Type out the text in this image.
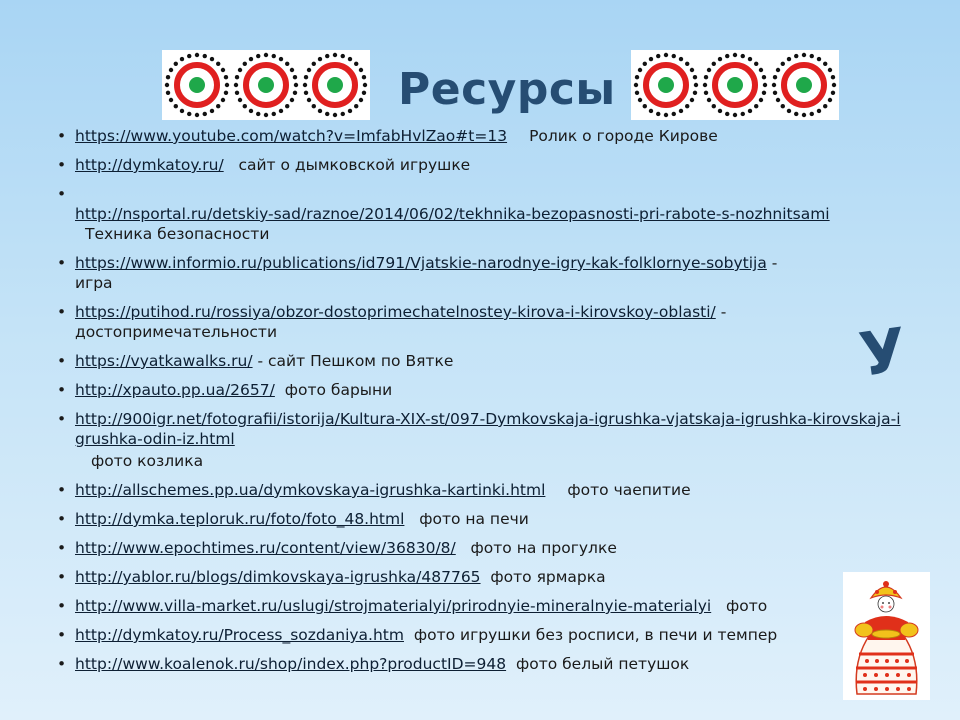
Ресурсы
У
• https://www.youtube.com/watch?v=ImfabHvlZao#t=13 Ролик о городе Кирове
• http://dymkatoy.ru/ сайт о дымковской игрушке

• http://nsportal.ru/detskiy-sad/raznoe/2014/06/02/tekhnika-bezopasnosti-pri-rabote-s-nozhnitsami
Техника безопасности
• https://www.informio.ru/publications/id791/Vjatskie-narodnye-igry-kak-folklornye-sobytija -
игра
• https://putihod.ru/rossiya/obzor-dostoprimechatelnostey-kirova-i-kirovskoy-oblasti/ -
достопримечательности
• https://vyatkawalks.ru/ - сайт Пешком по Вятке
• http://xpauto.pp.ua/2657/ фото барыни
• http://900igr.net/fotografii/istorija/Kultura-XIX-st/097-Dymkovskaja-igrushka-vjatskaja-igrushka-kirovskaja-igrushka-odin-iz.html
фото козлика
• http://allschemes.pp.ua/dymkovskaya-igrushka-kartinki.html фото чаепитие
• http://dymka.teploruk.ru/foto/foto_48.html фото на печи
• http://www.epochtimes.ru/content/view/36830/8/ фото на прогулке
• http://yablor.ru/blogs/dimkovskaya-igrushka/487765 фото ярмарка
• http://www.villa-market.ru/uslugi/strojmaterialyi/prirodnyie-mineralnyie-materialyi фото
• http://dymkatoy.ru/Process_sozdaniya.htm фото игрушки без росписи, в печи и темпер
• http://www.koalenok.ru/shop/index.php?productID=948 фото белый петушок
